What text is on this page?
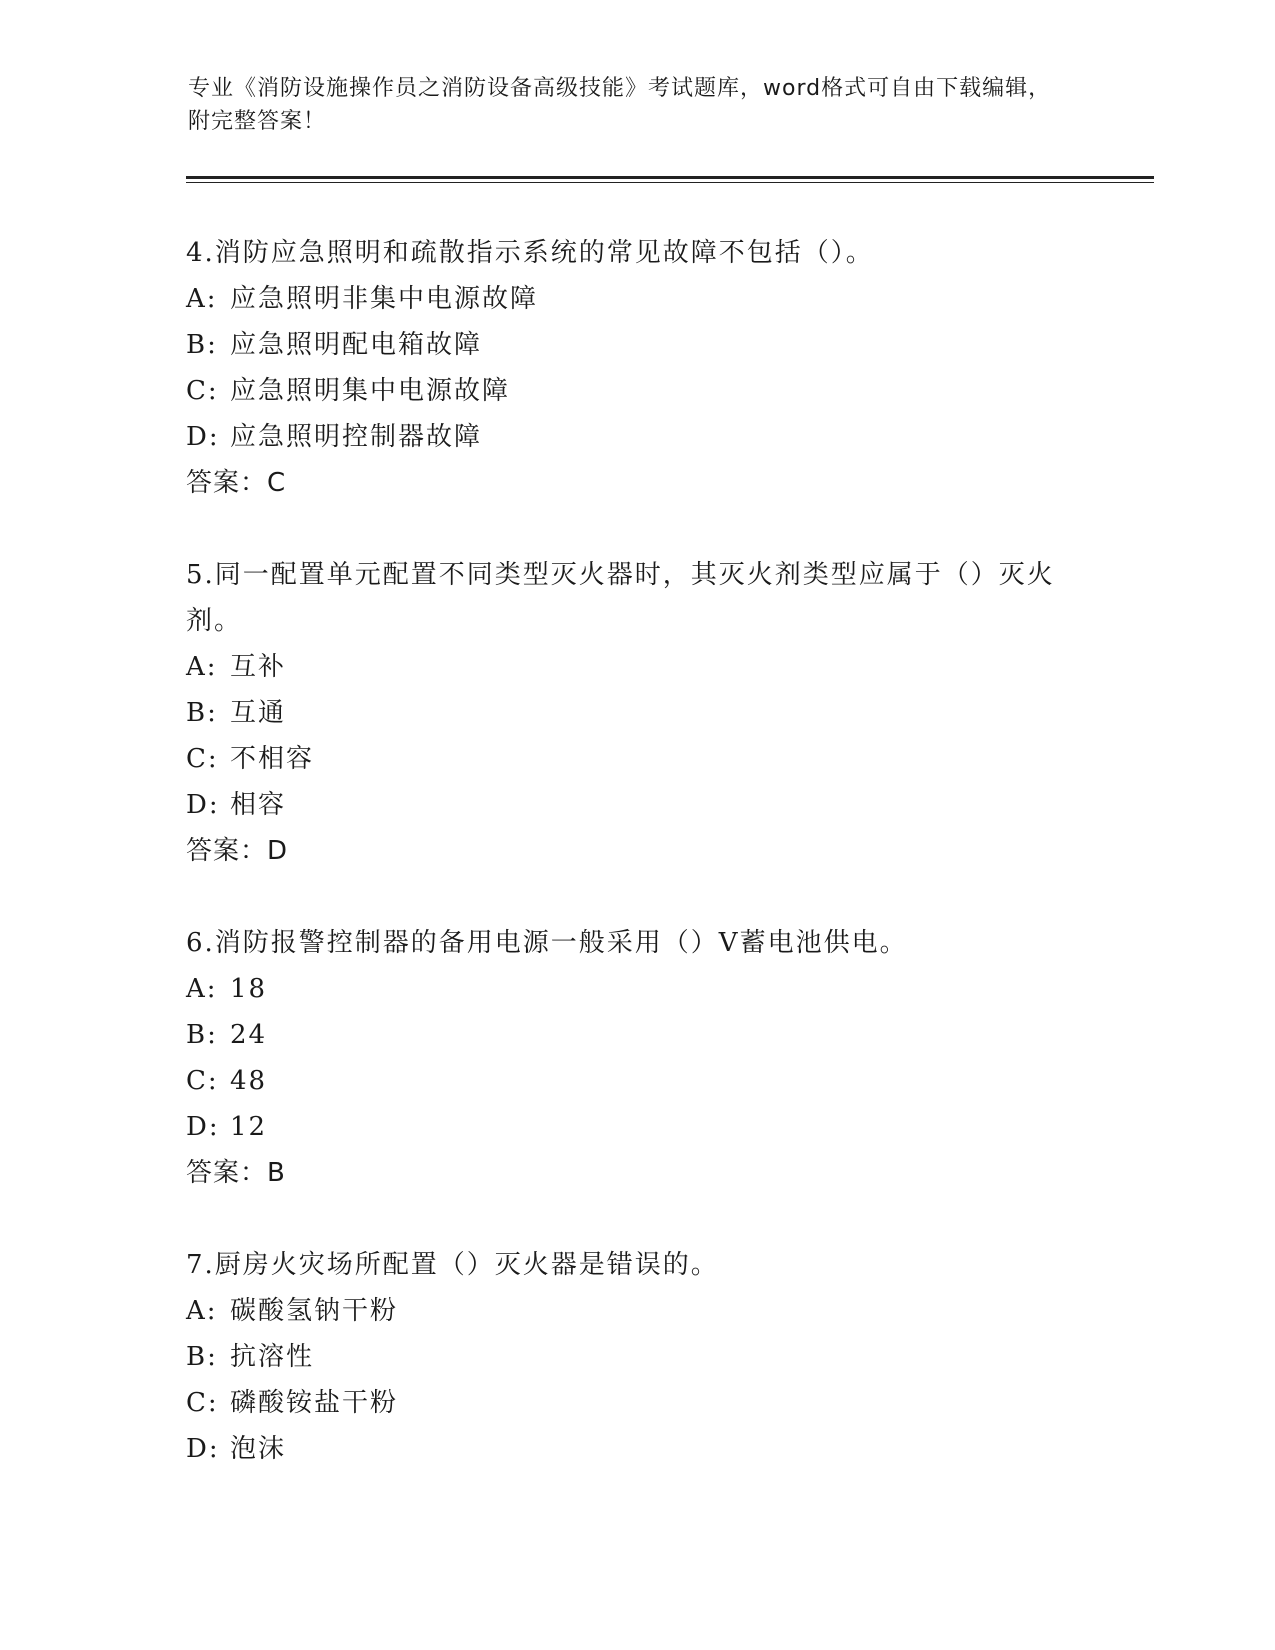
专业《消防设施操作员之消防设备高级技能》考试题库，word格式可自由下载编辑，附完整答案！
4.消防应急照明和疏散指示系统的常见故障不包括（）。
A: 应急照明非集中电源故障
B: 应急照明配电箱故障
C: 应急照明集中电源故障
D: 应急照明控制器故障
答案：C
5.同一配置单元配置不同类型灭火器时，其灭火剂类型应属于（）灭火剂。
A: 互补
B: 互通
C: 不相容
D: 相容
答案：D
6.消防报警控制器的备用电源一般采用（）V蓄电池供电。
A: 18
B: 24
C: 48
D: 12
答案：B
7.厨房火灾场所配置（）灭火器是错误的。
A: 碳酸氢钠干粉
B: 抗溶性
C: 磷酸铵盐干粉
D: 泡沫
